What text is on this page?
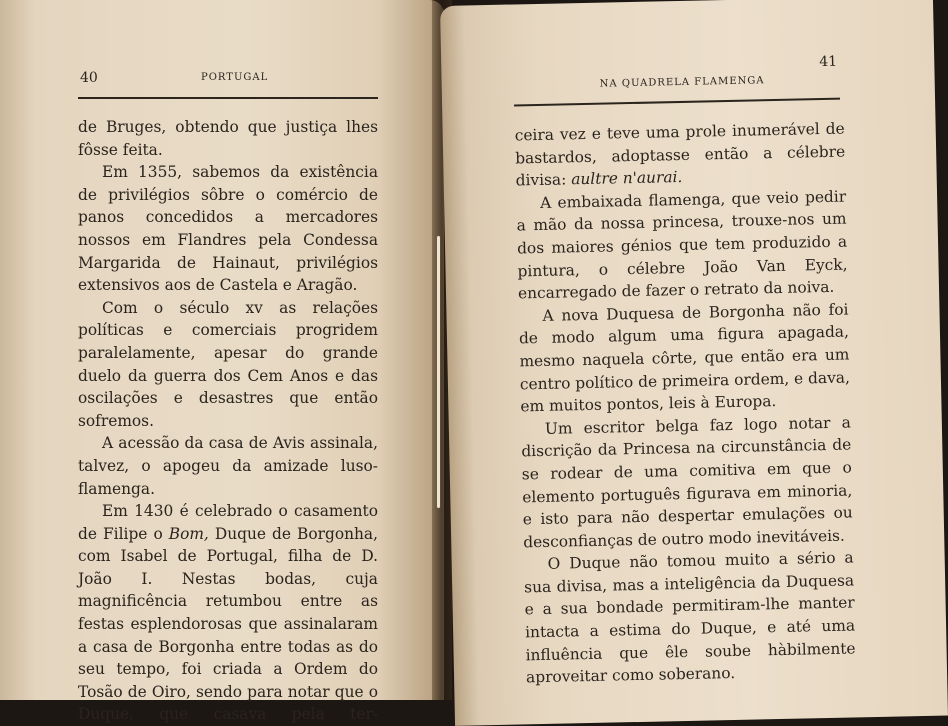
40	PORTUGAL

de Bruges, obtendo que justiça lhes fôsse feita.

Em 1355, sabemos da existência de privilégios sôbre o comércio de panos concedidos a mercadores nossos em Flandres pela Condessa Margarida de Hainaut, privilégios extensivos aos de Castela e Aragão.

Com o século xv as relações políticas e comerciais progridem paralelamente, apesar do grande duelo da guerra dos Cem Anos e das oscilações e desastres que então sofremos.

A acessão da casa de Avis assinala, talvez, o apogeu da amizade luso-flamenga.

Em 1430 é celebrado o casamento de Filipe o Bom, Duque de Borgonha, com Isabel de Portugal, filha de D. João I. Nestas bodas, cuja magnificência retumbou entre as festas esplendorosas que assinalaram a casa de Borgonha entre todas as do seu tempo, foi criada a Ordem do Tosão de Oiro, sendo para notar que o Duque, que casava pela ter-

NA QUADRELA FLAMENGA
41

ceira vez e teve uma prole inumerável de bastardos, adoptasse então a célebre divisa: aultre n'aurai.

A embaixada flamenga, que veio pedir a mão da nossa princesa, trouxe-nos um dos maiores génios que tem produzido a pintura, o célebre João Van Eyck, encarregado de fazer o retrato da noiva.

A nova Duquesa de Borgonha não foi de modo algum uma figura apagada, mesmo naquela côrte, que então era um centro político de primeira ordem, e dava, em muitos pontos, leis à Europa.

Um escritor belga faz logo notar a discrição da Princesa na circunstância de se rodear de uma comitiva em que o elemento português figurava em minoria, e isto para não despertar emulações ou desconfianças de outro modo inevitáveis.

O Duque não tomou muito a sério a sua divisa, mas a inteligência da Duquesa e a sua bondade permitiram-lhe manter intacta a estima do Duque, e até uma influência que êle soube hàbilmente aproveitar como soberano.
